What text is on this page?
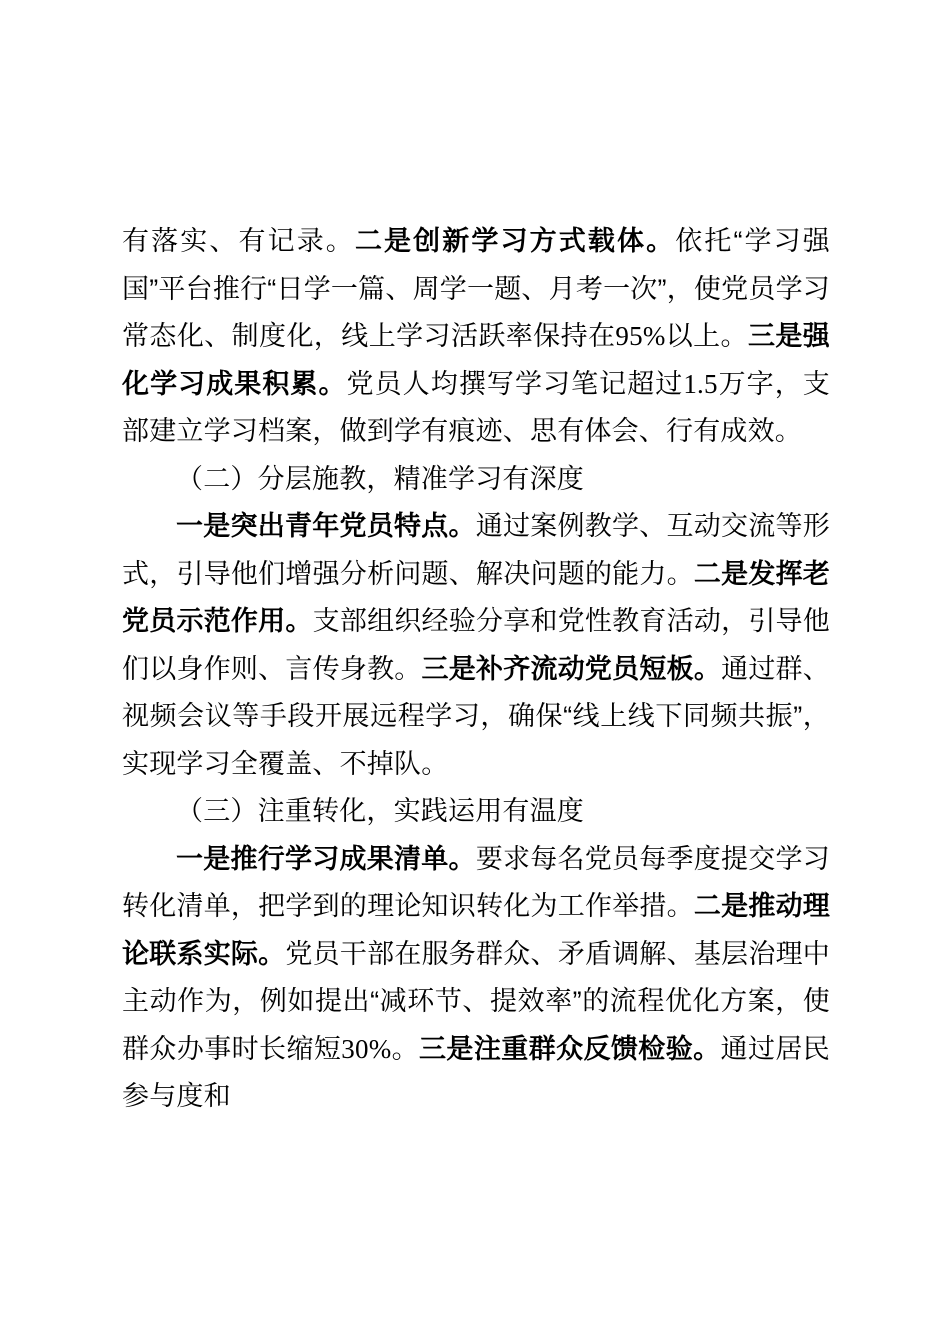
有落实、有记录。二是创新学习方式载体。依托“学习强国”平台推行“日学一篇、周学一题、月考一次”，使党员学习常态化、制度化，线上学习活跃率保持在95%以上。三是强化学习成果积累。党员人均撰写学习笔记超过1.5万字，支部建立学习档案，做到学有痕迹、思有体会、行有成效。

（二）分层施教，精准学习有深度

一是突出青年党员特点。通过案例教学、互动交流等形式，引导他们增强分析问题、解决问题的能力。二是发挥老党员示范作用。支部组织经验分享和党性教育活动，引导他们以身作则、言传身教。三是补齐流动党员短板。通过群、视频会议等手段开展远程学习，确保“线上线下同频共振”，实现学习全覆盖、不掉队。

（三）注重转化，实践运用有温度

一是推行学习成果清单。要求每名党员每季度提交学习转化清单，把学到的理论知识转化为工作举措。二是推动理论联系实际。党员干部在服务群众、矛盾调解、基层治理中主动作为，例如提出“减环节、提效率”的流程优化方案，使群众办事时长缩短30%。三是注重群众反馈检验。通过居民参与度和
